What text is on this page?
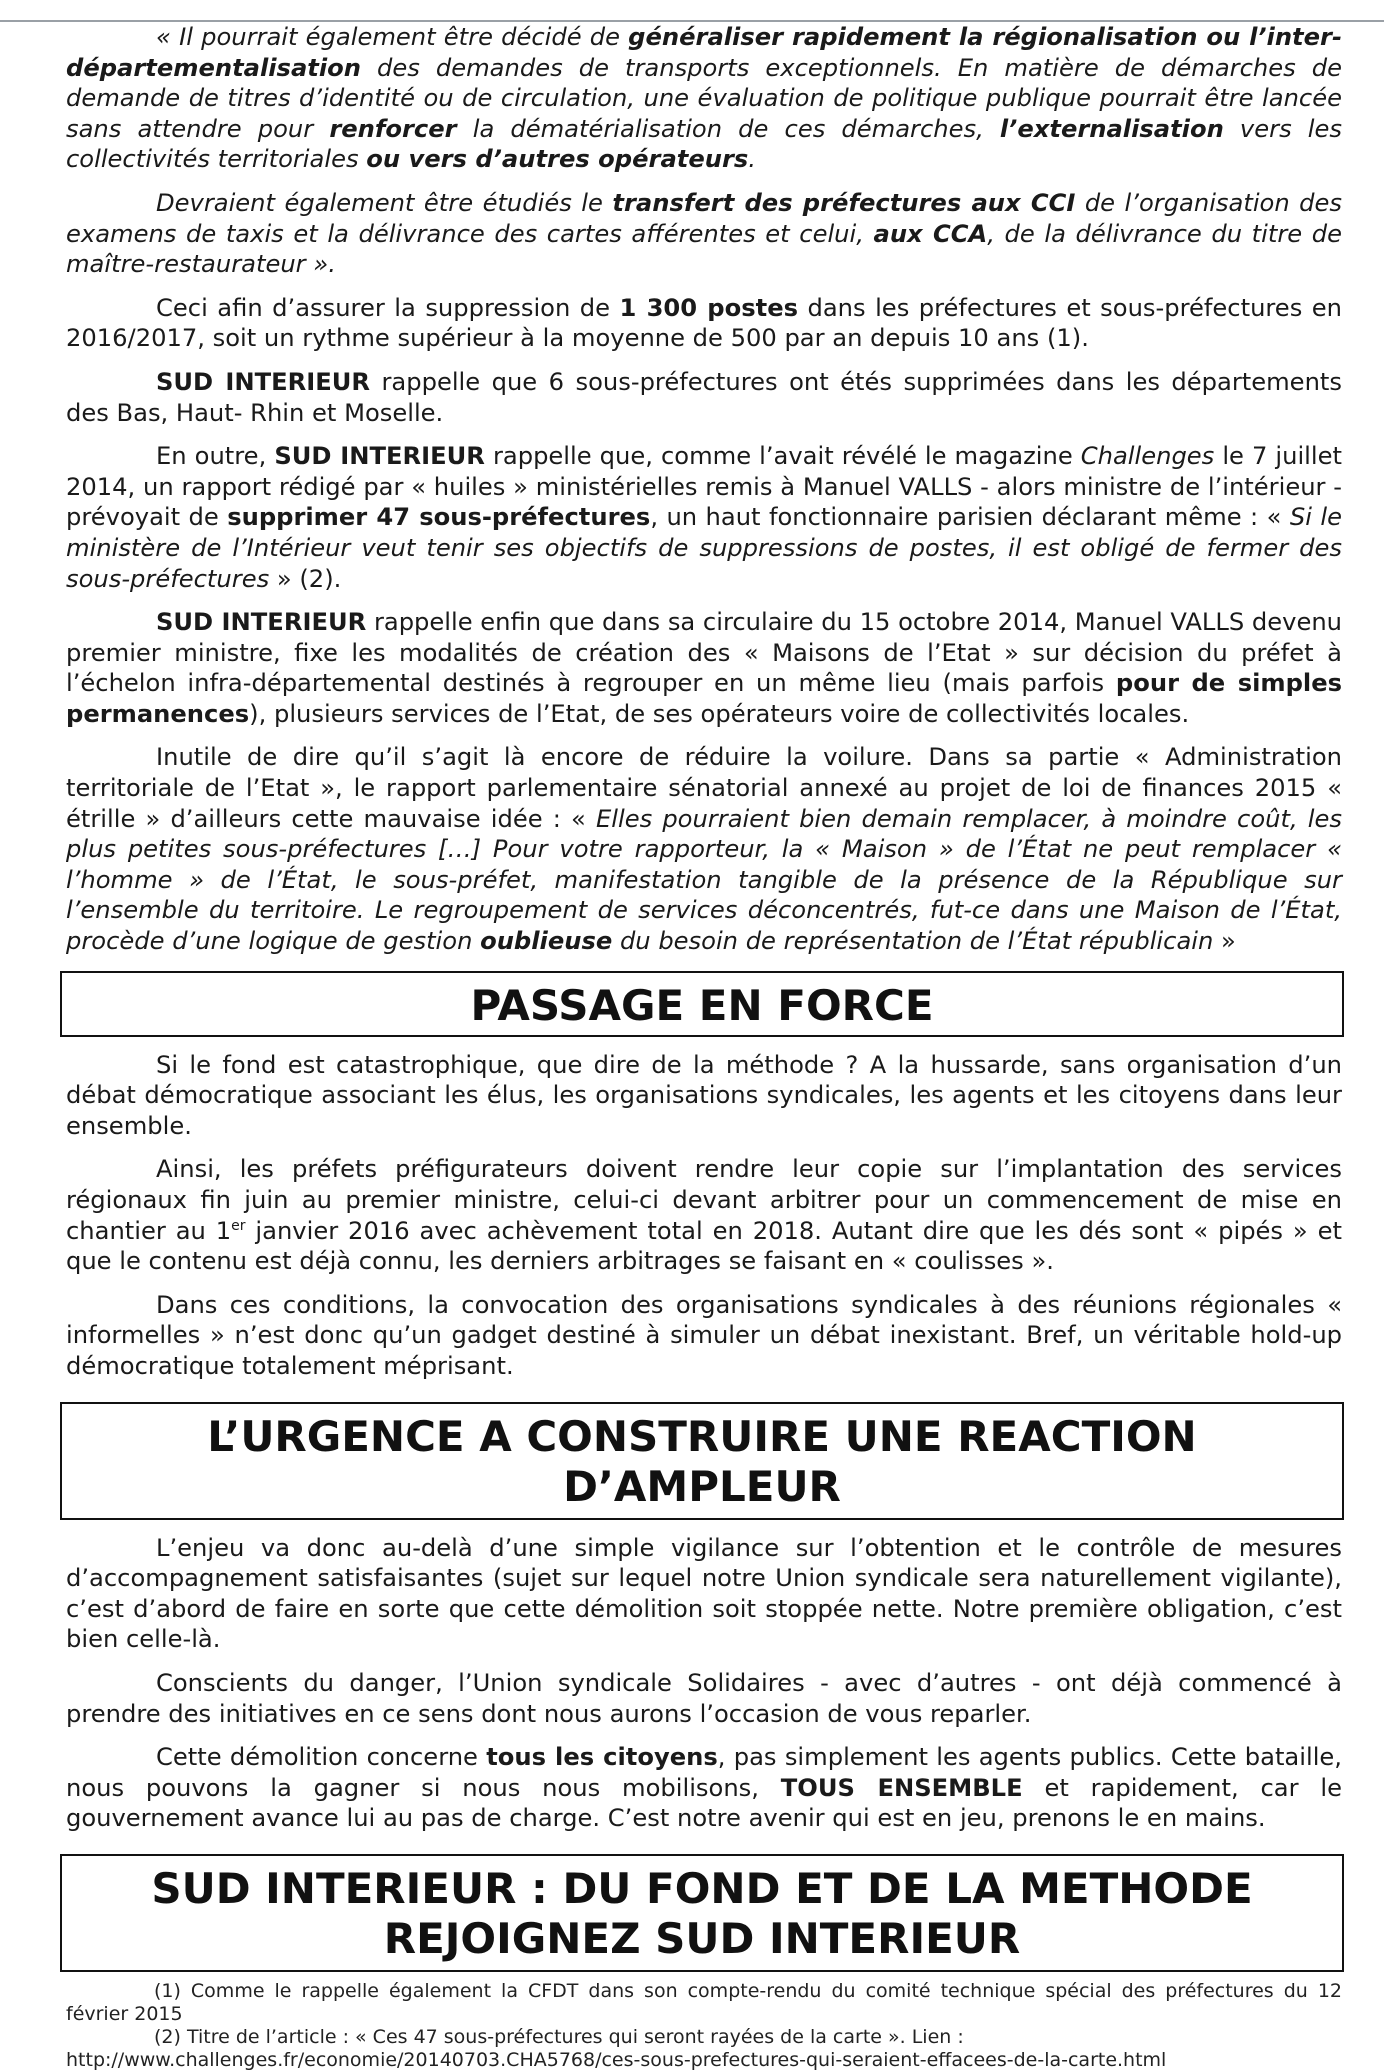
« Il pourrait également être décidé de généraliser rapidement la régionalisation ou l’inter-départementalisation des demandes de transports exceptionnels. En matière de démarches de demande de titres d’identité ou de circulation, une évaluation de politique publique pourrait être lancée sans attendre pour renforcer la dématérialisation de ces démarches, l’externalisation vers les collectivités territoriales ou vers d’autres opérateurs.

Devraient également être étudiés le transfert des préfectures aux CCI de l’organisation des examens de taxis et la délivrance des cartes afférentes et celui, aux CCA, de la délivrance du titre de maître-restaurateur ».

Ceci afin d’assurer la suppression de 1 300 postes dans les préfectures et sous-préfectures en 2016/2017, soit un rythme supérieur à la moyenne de 500 par an depuis 10 ans (1).

SUD INTERIEUR rappelle que 6 sous-préfectures ont étés supprimées dans les départements des Bas, Haut- Rhin et Moselle.

En outre, SUD INTERIEUR rappelle que, comme l’avait révélé le magazine Challenges le 7 juillet 2014, un rapport rédigé par « huiles » ministérielles remis à Manuel VALLS - alors ministre de l’intérieur - prévoyait de supprimer 47 sous-préfectures, un haut fonctionnaire parisien déclarant même : « Si le ministère de l’Intérieur veut tenir ses objectifs de suppressions de postes, il est obligé de fermer des sous-préfectures » (2).

SUD INTERIEUR rappelle enfin que dans sa circulaire du 15 octobre 2014, Manuel VALLS devenu premier ministre, fixe les modalités de création des « Maisons de l’Etat » sur décision du préfet à l’échelon infra-départemental destinés à regrouper en un même lieu (mais parfois pour de simples permanences), plusieurs services de l’Etat, de ses opérateurs voire de collectivités locales.

Inutile de dire qu’il s’agit là encore de réduire la voilure. Dans sa partie « Administration territoriale de l’Etat », le rapport parlementaire sénatorial annexé au projet de loi de finances 2015 « étrille » d’ailleurs cette mauvaise idée : « Elles pourraient bien demain remplacer, à moindre coût, les plus petites sous-préfectures […] Pour votre rapporteur, la « Maison » de l’État ne peut remplacer « l’homme » de l’État, le sous-préfet, manifestation tangible de la présence de la République sur l’ensemble du territoire. Le regroupement de services déconcentrés, fut-ce dans une Maison de l’État, procède d’une logique de gestion oublieuse du besoin de représentation de l’État républicain »

PASSAGE EN FORCE

Si le fond est catastrophique, que dire de la méthode ? A la hussarde, sans organisation d’un débat démocratique associant les élus, les organisations syndicales, les agents et les citoyens dans leur ensemble.

Ainsi, les préfets préfigurateurs doivent rendre leur copie sur l’implantation des services régionaux fin juin au premier ministre, celui-ci devant arbitrer pour un commencement de mise en chantier au 1er janvier 2016 avec achèvement total en 2018. Autant dire que les dés sont « pipés » et que le contenu est déjà connu, les derniers arbitrages se faisant en « coulisses ».

Dans ces conditions, la convocation des organisations syndicales à des réunions régionales « informelles » n’est donc qu’un gadget destiné à simuler un débat inexistant. Bref, un véritable hold-up démocratique totalement méprisant.

L’URGENCE A CONSTRUIRE UNE REACTION D’AMPLEUR

L’enjeu va donc au-delà d’une simple vigilance sur l’obtention et le contrôle de mesures d’accompagnement satisfaisantes (sujet sur lequel notre Union syndicale sera naturellement vigilante), c’est d’abord de faire en sorte que cette démolition soit stoppée nette. Notre première obligation, c’est bien celle-là.

Conscients du danger, l’Union syndicale Solidaires - avec d’autres - ont déjà commencé à prendre des initiatives en ce sens dont nous aurons l’occasion de vous reparler.

Cette démolition concerne tous les citoyens, pas simplement les agents publics. Cette bataille, nous pouvons la gagner si nous nous mobilisons, TOUS ENSEMBLE et rapidement, car le gouvernement avance lui au pas de charge. C’est notre avenir qui est en jeu, prenons le en mains.

SUD INTERIEUR : DU FOND ET DE LA METHODE
REJOIGNEZ SUD INTERIEUR
(1) Comme le rappelle également la CFDT dans son compte-rendu du comité technique spécial des préfectures du 12 février 2015
(2) Titre de l’article : « Ces 47 sous-préfectures qui seront rayées de la carte ». Lien :
http://www.challenges.fr/economie/20140703.CHA5768/ces-sous-prefectures-qui-seraient-effacees-de-la-carte.html
